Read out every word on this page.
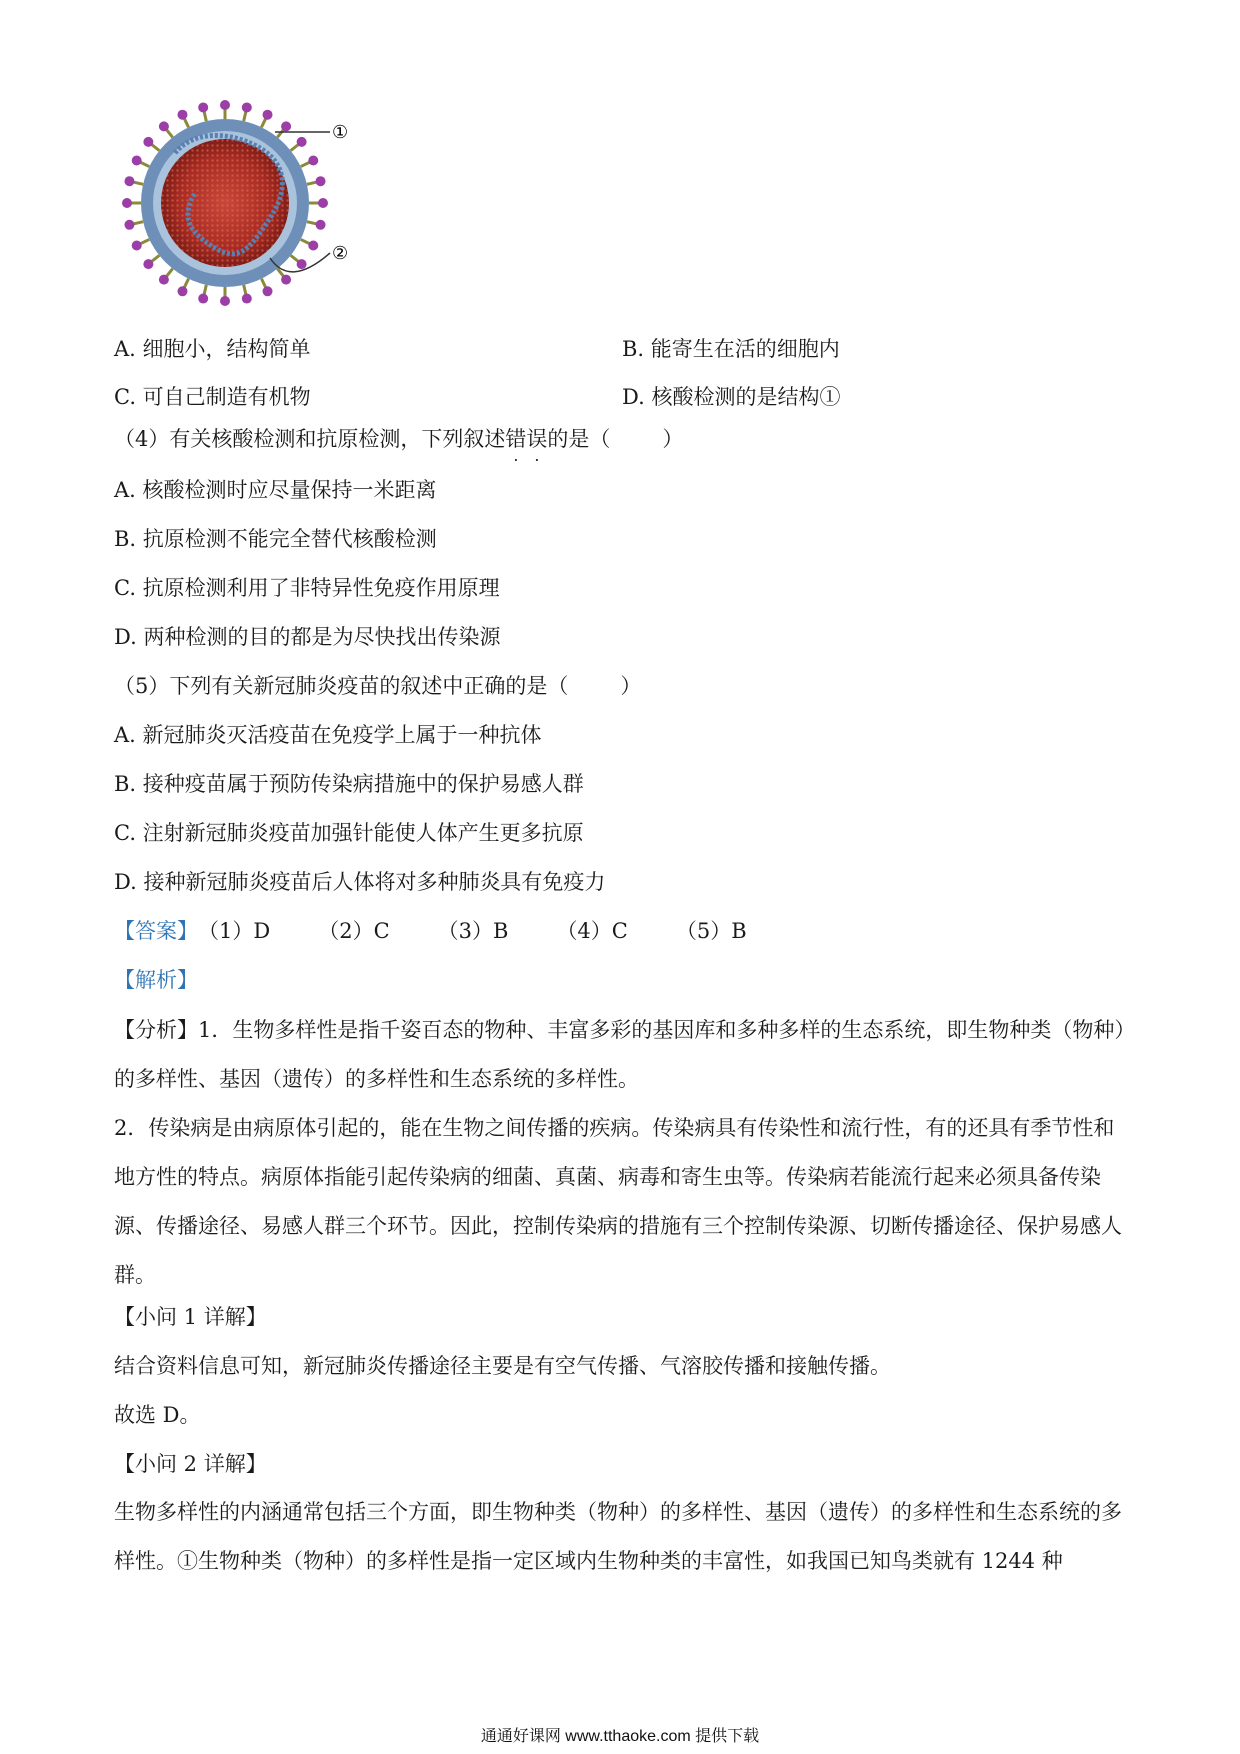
①
②
A. 细胞小，结构简单	B. 能寄生在活的细胞内
C. 可自己制造有机物	D. 核酸检测的是结构①
（4）有关核酸检测和抗原检测，下列叙述错误的是（ ）
A. 核酸检测时应尽量保持一米距离
B. 抗原检测不能完全替代核酸检测
C. 抗原检测利用了非特异性免疫作用原理
D. 两种检测的目的都是为尽快找出传染源
（5）下列有关新冠肺炎疫苗的叙述中正确的是（ ）
A. 新冠肺炎灭活疫苗在免疫学上属于一种抗体
B. 接种疫苗属于预防传染病措施中的保护易感人群
C. 注射新冠肺炎疫苗加强针能使人体产生更多抗原
D. 接种新冠肺炎疫苗后人体将对多种肺炎具有免疫力
【答案】（1）D （2）C （3）B （4）C （5）B
【解析】
【分析】1．生物多样性是指千姿百态的物种、丰富多彩的基因库和多种多样的生态系统，即生物种类（物种）的多样性、基因（遗传）的多样性和生态系统的多样性。
2．传染病是由病原体引起的，能在生物之间传播的疾病。传染病具有传染性和流行性，有的还具有季节性和地方性的特点。病原体指能引起传染病的细菌、真菌、病毒和寄生虫等。传染病若能流行起来必须具备传染源、传播途径、易感人群三个环节。因此，控制传染病的措施有三个控制传染源、切断传播途径、保护易感人群。
【小问 1 详解】
结合资料信息可知，新冠肺炎传播途径主要是有空气传播、气溶胶传播和接触传播。
故选 D。
【小问 2 详解】
生物多样性的内涵通常包括三个方面，即生物种类（物种）的多样性、基因（遗传）的多样性和生态系统的多样性。①生物种类（物种）的多样性是指一定区域内生物种类的丰富性，如我国已知鸟类就有 1244 种
通通好课网 www.tthaoke.com 提供下载
